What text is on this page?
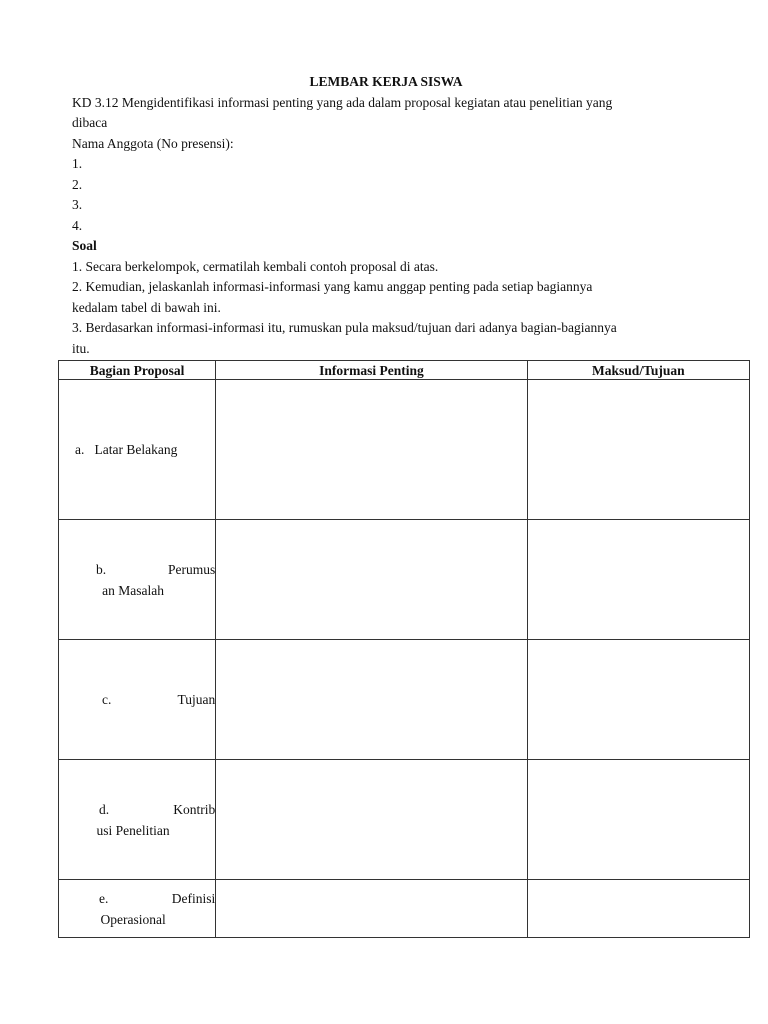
LEMBAR KERJA SISWA
KD 3.12 Mengidentifikasi informasi penting yang ada dalam proposal kegiatan atau penelitian yang
dibaca
Nama Anggota (No presensi):
1.
2.
3.
4.
Soal
1. Secara berkelompok, cermatilah kembali contoh proposal di atas.
2. Kemudian, jelaskanlah informasi-informasi yang kamu anggap penting pada setiap bagiannya
kedalam tabel di bawah ini.
3. Berdasarkan informasi-informasi itu, rumuskan pula maksud/tujuan dari adanya bagian-bagiannya
itu.
Bagian Proposal	Informasi Penting	Maksud/Tujuan

a. Latar Belakang		

b. Perumus
an Masalah		

c. Tujuan		

d. Kontrib
usi Penelitian		

e. Definisi
Operasional		
